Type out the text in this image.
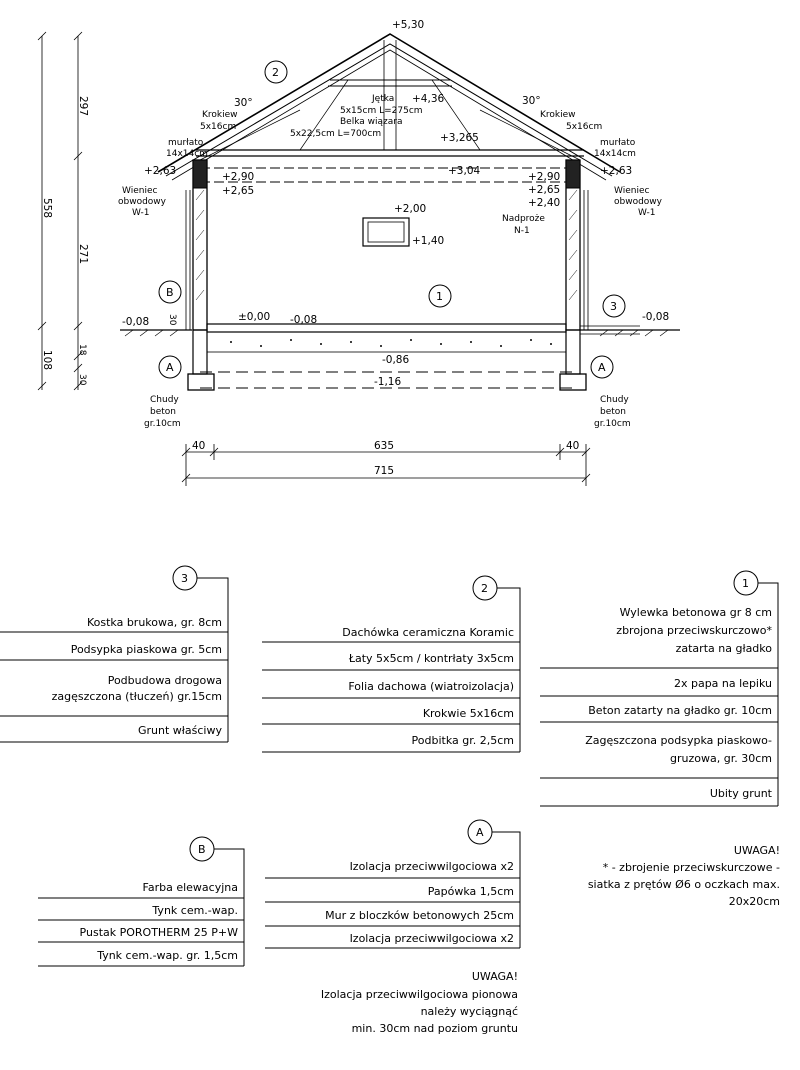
+5,30
+4,36
+3,265
+3,04
+2,90	+2,90
+2,65	+2,65
+2,63	+2,63
+2,40
+2,00
+1,40
±0,00 -0,08
-0,08	-0,08
-0,86
-1,16
30°	30°
Jętka
5x15cm L=275cm
Belka wiązara
5x22,5cm L=700cm
Krokiew
5x16cm
Krokiew
5x16cm
murłato
14x14cm
murłato
14x14cm
Wieniec
obwodowy
W-1
Wieniec
obwodowy
W-1
Nadproże
N-1
Chudy
beton
gr.10cm
Chudy
beton
gr.10cm
2
1
B
3
A	A
558
297
271
108
18
30
30
40	40
635
715
3
2	1
B
A
Kostka brukowa, gr. 8cm
Podsypka piaskowa gr. 5cm
Podbudowa drogowa
zagęszczona (tłuczeń) gr.15cm
Grunt właściwy
Dachówka ceramiczna Koramic
Łaty 5x5cm / kontrłaty 3x5cm
Folia dachowa (wiatroizolacja)
Krokwie 5x16cm
Podbitka gr. 2,5cm
Wylewka betonowa gr 8 cm
zbrojona przeciwskurczowo*
zatarta na gładko
2x papa na lepiku
Beton zatarty na gładko gr. 10cm
Zagęszczona podsypka piaskowo-
gruzowa, gr. 30cm
Ubity grunt
Farba elewacyjna
Tynk cem.-wap.
Pustak POROTHERM 25 P+W
Tynk cem.-wap. gr. 1,5cm
Izolacja przeciwwilgociowa x2
Papówka 1,5cm
Mur z bloczków betonowych 25cm
Izolacja przeciwwilgociowa x2
UWAGA!
* - zbrojenie przeciwskurczowe -
siatka z prętów Ø6 o oczkach max.
20x20cm
UWAGA!
Izolacja przeciwwilgociowa pionowa
należy wyciągnąć
min. 30cm nad poziom gruntu
